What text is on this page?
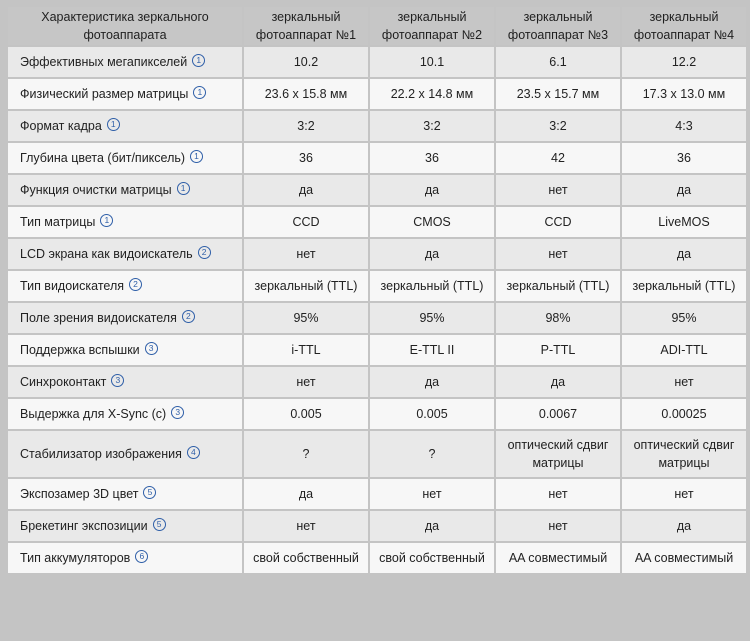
Характеристика зеркального фотоаппарата	зеркальный фотоаппарат №1	зеркальный фотоаппарат №2	зеркальный фотоаппарат №3	зеркальный фотоаппарат №4
Эффективных мегапикселей 1	10.2	10.1	6.1	12.2
Физический размер матрицы 1	23.6 x 15.8 мм	22.2 x 14.8 мм	23.5 x 15.7 мм	17.3 x 13.0 мм
Формат кадра 1	3:2	3:2	3:2	4:3
Глубина цвета (бит/пиксель) 1	36	36	42	36
Функция очистки матрицы 1	да	да	нет	да
Тип матрицы 1	CCD	CMOS	CCD	LiveMOS
LCD экрана как видоискатель 2	нет	да	нет	да
Тип видоискателя 2	зеркальный (TTL)	зеркальный (TTL)	зеркальный (TTL)	зеркальный (TTL)
Поле зрения видоискателя 2	95%	95%	98%	95%
Поддержка вспышки 3	i-TTL	E-TTL II	P-TTL	ADI-TTL
Синхроконтакт 3	нет	да	да	нет
Выдержка для X-Sync (c) 3	0.005	0.005	0.0067	0.00025
Стабилизатор изображения 4	?	?	оптический сдвиг матрицы	оптический сдвиг матрицы
Экспозамер 3D цвет 5	да	нет	нет	нет
Брекетинг экспозиции 5	нет	да	нет	да
Тип аккумуляторов 6	свой собственный	свой собственный	AA совместимый	AA совместимый
